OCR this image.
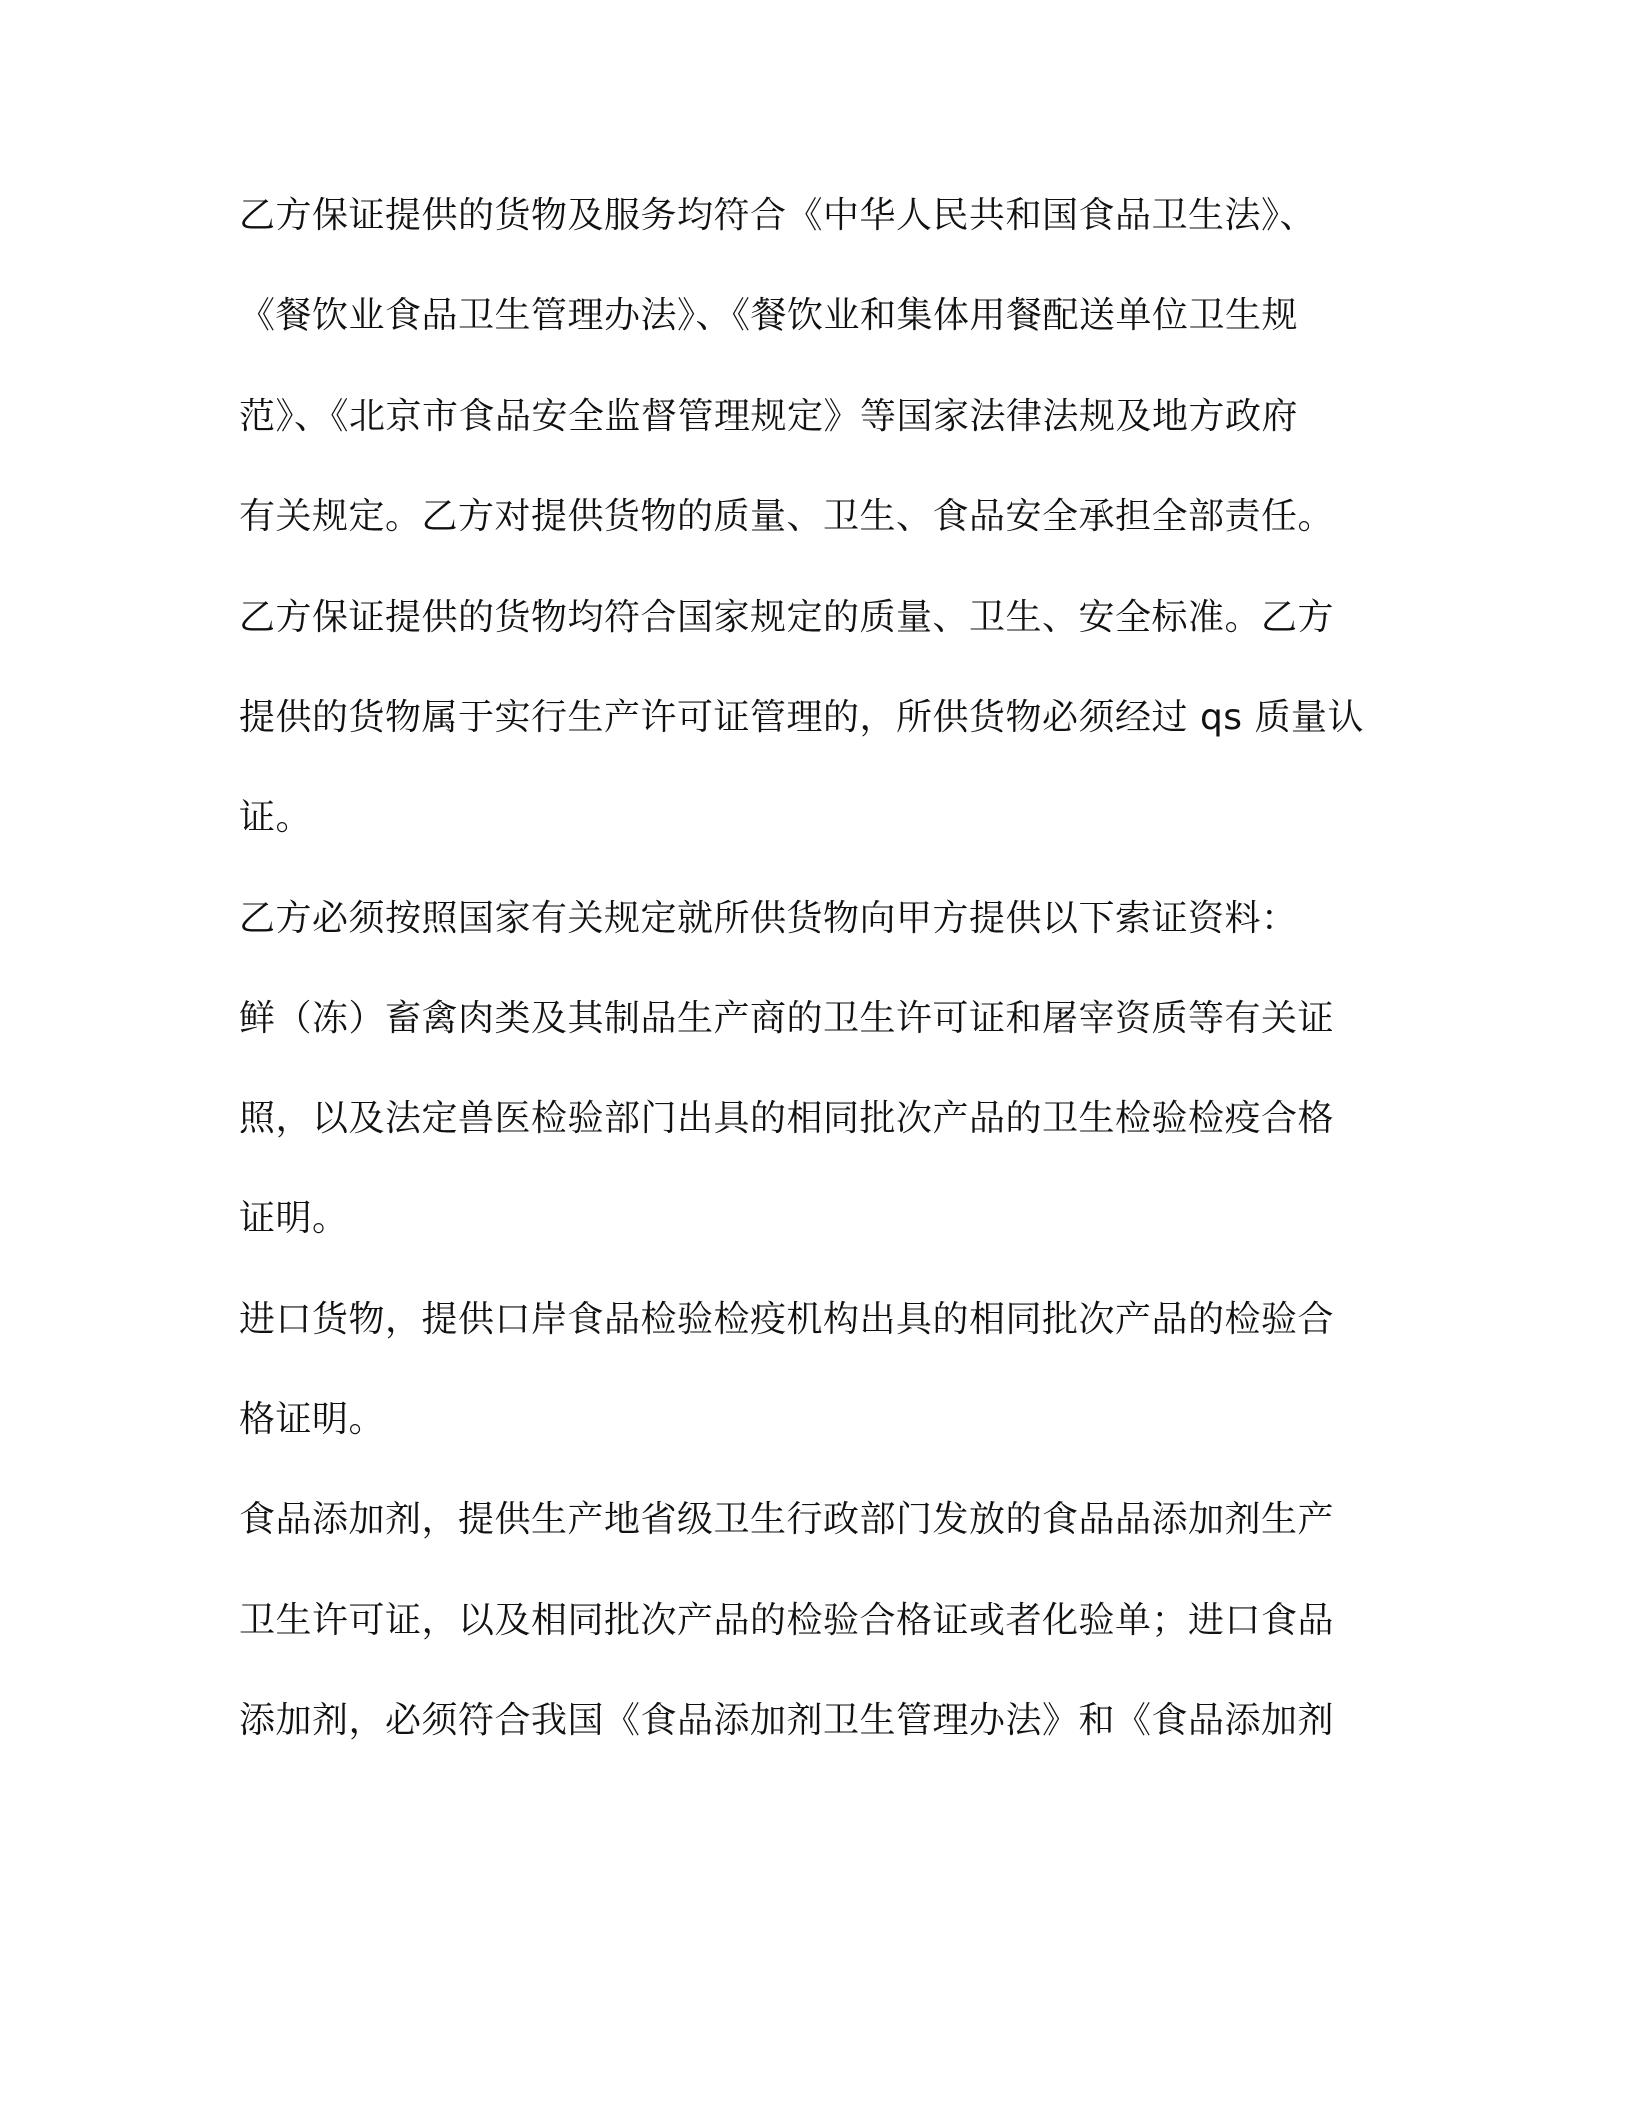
乙方保证提供的货物及服务均符合《中华人民共和国食品卫生法》、
《餐饮业食品卫生管理办法》、《餐饮业和集体用餐配送单位卫生规
范》、《北京市食品安全监督管理规定》等国家法律法规及地方政府
有关规定。乙方对提供货物的质量、卫生、食品安全承担全部责任。
乙方保证提供的货物均符合国家规定的质量、卫生、安全标准。乙方
提供的货物属于实行生产许可证管理的，所供货物必须经过 qs 质量认
证。
乙方必须按照国家有关规定就所供货物向甲方提供以下索证资料：
鲜（冻）畜禽肉类及其制品生产商的卫生许可证和屠宰资质等有关证
照，以及法定兽医检验部门出具的相同批次产品的卫生检验检疫合格
证明。
进口货物，提供口岸食品检验检疫机构出具的相同批次产品的检验合
格证明。
食品添加剂，提供生产地省级卫生行政部门发放的食品品添加剂生产
卫生许可证，以及相同批次产品的检验合格证或者化验单；进口食品
添加剂，必须符合我国《食品添加剂卫生管理办法》和《食品添加剂
